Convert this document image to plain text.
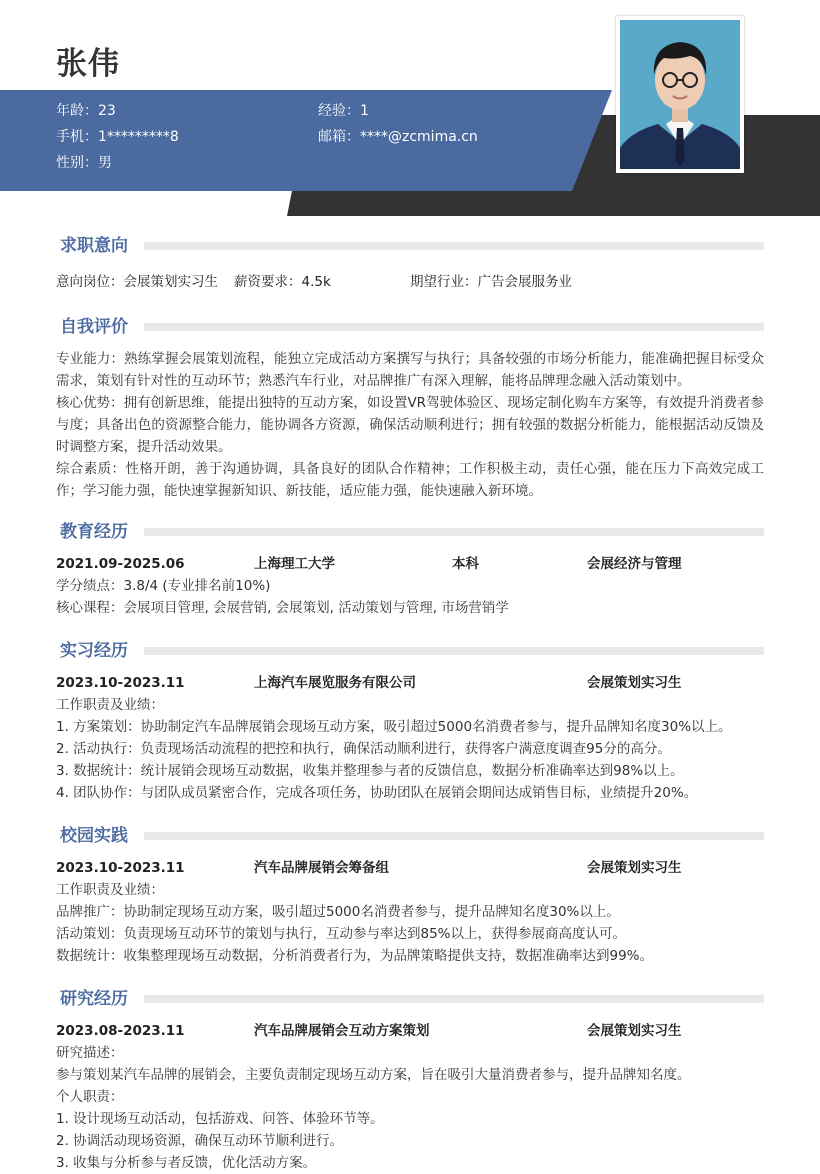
张伟
年龄：23	经验：1
手机：1*********8	邮箱：****@zcmima.cn
性别：男
求职意向
意向岗位：会展策划实习生 薪资要求：4.5k	期望行业：广告会展服务业
自我评价
专业能力：熟练掌握会展策划流程，能独立完成活动方案撰写与执行；具备较强的市场分析能力，能准确把握目标受众需求，策划有针对性的互动环节；熟悉汽车行业，对品牌推广有深入理解，能将品牌理念融入活动策划中。
核心优势：拥有创新思维，能提出独特的互动方案，如设置VR驾驶体验区、现场定制化购车方案等，有效提升消费者参与度；具备出色的资源整合能力，能协调各方资源，确保活动顺利进行；拥有较强的数据分析能力，能根据活动反馈及时调整方案，提升活动效果。
综合素质：性格开朗，善于沟通协调，具备良好的团队合作精神；工作积极主动，责任心强，能在压力下高效完成工作；学习能力强，能快速掌握新知识、新技能，适应能力强，能快速融入新环境。
教育经历
2021.09-2025.06	上海理工大学	本科	会展经济与管理
学分绩点：3.8/4 (专业排名前10%)
核心课程：会展项目管理, 会展营销, 会展策划, 活动策划与管理, 市场营销学
实习经历
2023.10-2023.11	上海汽车展览服务有限公司	会展策划实习生
工作职责及业绩：
1. 方案策划：协助制定汽车品牌展销会现场互动方案，吸引超过5000名消费者参与，提升品牌知名度30%以上。
2. 活动执行：负责现场活动流程的把控和执行，确保活动顺利进行，获得客户满意度调查95分的高分。
3. 数据统计：统计展销会现场互动数据，收集并整理参与者的反馈信息，数据分析准确率达到98%以上。
4. 团队协作：与团队成员紧密合作，完成各项任务，协助团队在展销会期间达成销售目标，业绩提升20%。
校园实践
2023.10-2023.11	汽车品牌展销会筹备组	会展策划实习生
工作职责及业绩：
品牌推广：协助制定现场互动方案，吸引超过5000名消费者参与，提升品牌知名度30%以上。
活动策划：负责现场互动环节的策划与执行，互动参与率达到85%以上，获得参展商高度认可。
数据统计：收集整理现场互动数据，分析消费者行为，为品牌策略提供支持，数据准确率达到99%。
研究经历
2023.08-2023.11	汽车品牌展销会互动方案策划	会展策划实习生
研究描述：
参与策划某汽车品牌的展销会，主要负责制定现场互动方案，旨在吸引大量消费者参与，提升品牌知名度。
个人职责：
1. 设计现场互动活动，包括游戏、问答、体验环节等。
2. 协调活动现场资源，确保互动环节顺利进行。
3. 收集与分析参与者反馈，优化活动方案。
